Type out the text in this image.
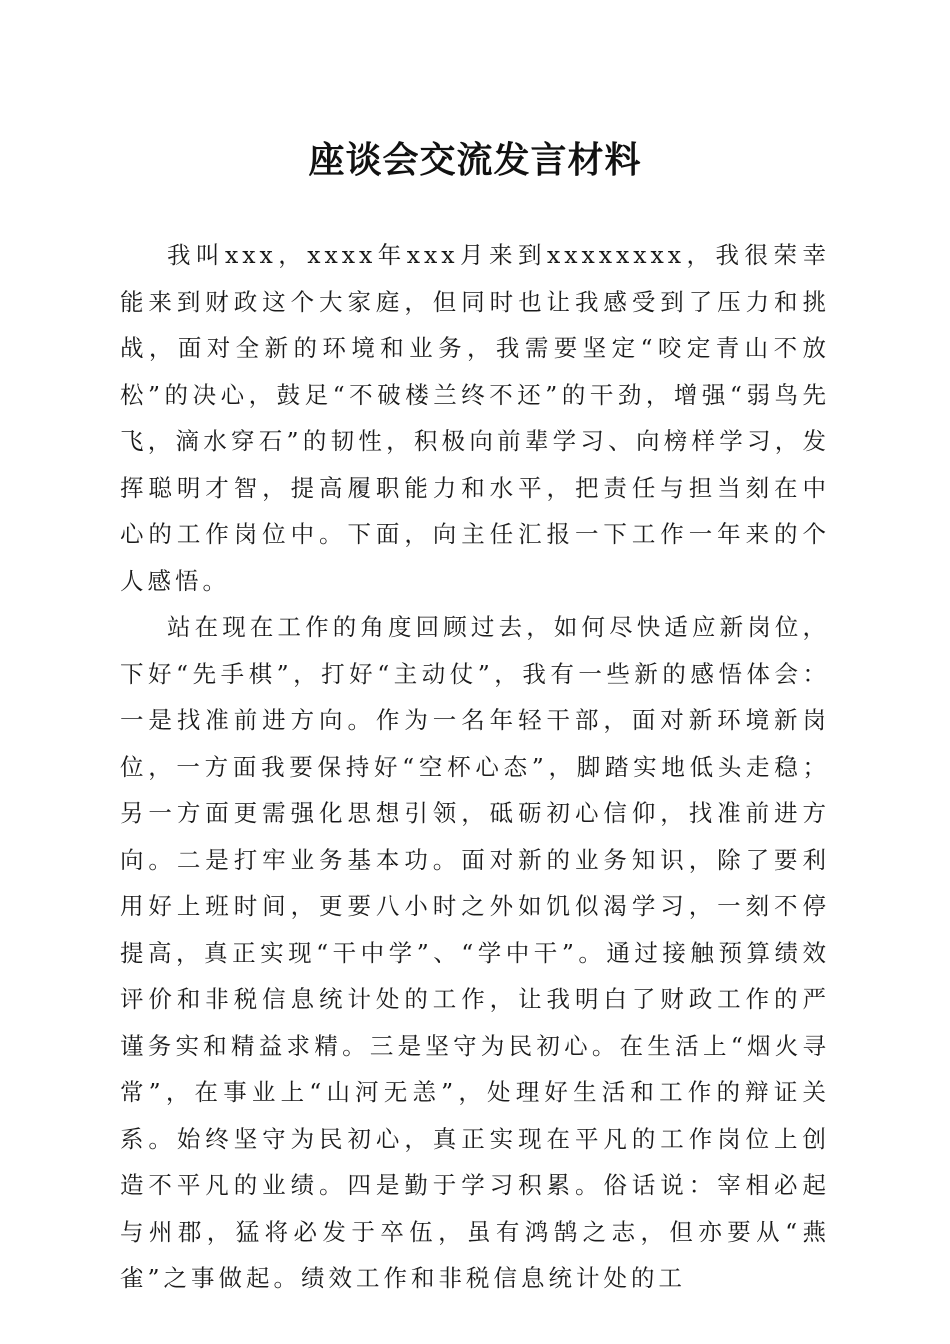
座谈会交流发言材料

我叫xxx，xxxx年xxx月来到xxxxxxxx，我很荣幸能来到财政这个大家庭，但同时也让我感受到了压力和挑战，面对全新的环境和业务，我需要坚定“咬定青山不放松”的决心，鼓足“不破楼兰终不还”的干劲，增强“弱鸟先飞，滴水穿石”的韧性，积极向前辈学习、向榜样学习，发挥聪明才智，提高履职能力和水平，把责任与担当刻在中心的工作岗位中。下面，向主任汇报一下工作一年来的个人感悟。

站在现在工作的角度回顾过去，如何尽快适应新岗位，下好“先手棋”，打好“主动仗”，我有一些新的感悟体会：一是找准前进方向。作为一名年轻干部，面对新环境新岗位，一方面我要保持好“空杯心态”，脚踏实地低头走稳；另一方面更需强化思想引领，砥砺初心信仰，找准前进方向。二是打牢业务基本功。面对新的业务知识，除了要利用好上班时间，更要八小时之外如饥似渴学习，一刻不停提高，真正实现“干中学”、“学中干”。通过接触预算绩效评价和非税信息统计处的工作，让我明白了财政工作的严谨务实和精益求精。三是坚守为民初心。在生活上“烟火寻常”，在事业上“山河无恙”，处理好生活和工作的辩证关系。始终坚守为民初心，真正实现在平凡的工作岗位上创造不平凡的业绩。四是勤于学习积累。俗话说：宰相必起与州郡，猛将必发于卒伍，虽有鸿鹄之志，但亦要从“燕雀”之事做起。绩效工作和非税信息统计处的工
